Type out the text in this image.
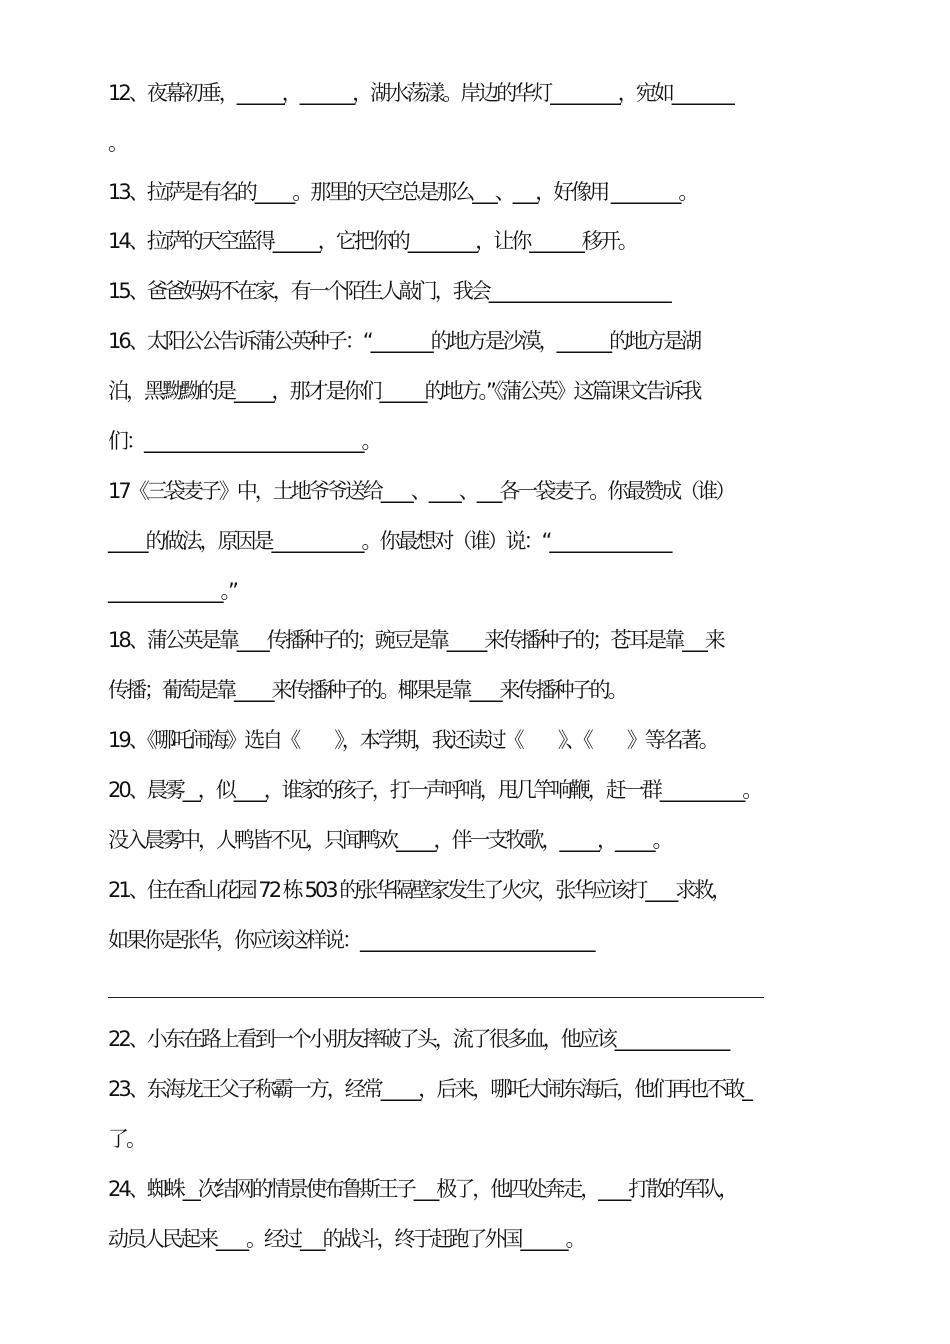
12、夜幕初垂，______，_______，湖水荡漾。岸边的华灯_________，宛如________
。
13、拉萨是有名的_____。那里的天空总是那么___、___，好像用 _________。
14、拉萨的天空蓝得______，它把你的_________，让你_______移开。
15、爸爸妈妈不在家，有一个陌生人敲门，我会________________________
16、太阳公公告诉蒲公英种子：“________的地方是沙漠，_______的地方是湖
泊，黑黝黝的是_____，那才是你们______的地方。”《蒲公英》这篇课文告诉我
们：_____________________________。
17《三袋麦子》中，土地爷爷送给____、____、___各一袋麦子。你最赞成（谁）
_____的做法，原因是____________。你最想对（谁）说：“________________
_______________。”
18、蒲公英是靠____传播种子的；豌豆是靠_____来传播种子的；苍耳是靠___来
传播；葡萄是靠_____来传播种子的。椰果是靠____来传播种子的。
19、《哪吒闹海》选自《　　》，本学期，我还读过《　　》、《　　》等名著。
20、晨雾__，似____，谁家的孩子，打一声呼哨，甩几竿响鞭，赶一群___________。
没入晨雾中，人鸭皆不见，只闻鸭欢_____，伴一支牧歌，_____，_____。
21、住在香山花园 72 栋 503 的张华隔壁家发生了火灾，张华应该打____求救，
如果你是张华，你应该这样说：_______________________________
22、小东在路上看到一个小朋友摔破了头，流了很多血，他应该_______________
23、东海龙王父子称霸一方，经常_____，后来，哪吒大闹东海后，他们再也不敢_
了。
24、蜘蛛__次结网的情景使布鲁斯王子___极了，他四处奔走，____打散的军队，
动员人民起来____。经过___的战斗，终于赶跑了外国______。
